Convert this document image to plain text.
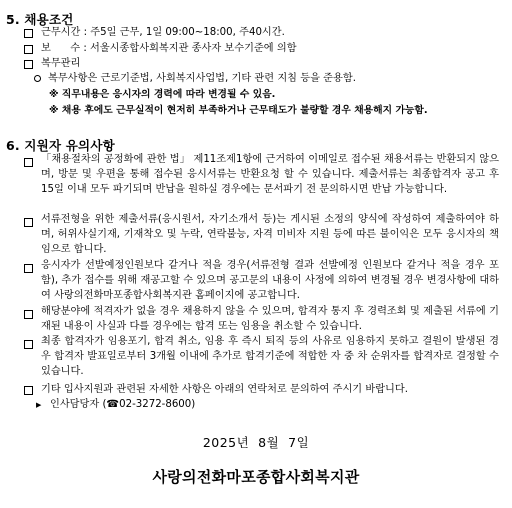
5. 채용조건
근무시간 : 주5일 근무, 1일 09:00~18:00, 주40시간.
보      수 : 서울시종합사회복지관 종사자 보수기준에 의함
복무관리
복무사항은 근로기준법, 사회복지사업법, 기타 관련 지침 등을 준용함.
※ 직무내용은 응시자의 경력에 따라 변경될 수 있음.
※ 채용 후에도 근무실적이 현저히 부족하거나 근무태도가 불량할 경우 채용해지 가능함.
6. 지원자 유의사항
「채용절차의 공정화에 관한 법」 제11조제1항에 근거하여 이메일로 접수된 채용서류는 반환되지 않으며, 방문 및 우편을 통해 접수된 응시서류는 반환요청 할 수 있습니다. 제출서류는 최종합격자 공고 후 15일 이내 모두 파기되며 반납을 원하실 경우에는 문서파기 전 문의하시면 반납 가능합니다.
서류전형을 위한 제출서류(응시원서, 자기소개서 등)는 게시된 소정의 양식에 작성하여 제출하여야 하며, 허위사실기재, 기재착오 및 누락, 연락불능, 자격 미비자 지원 등에 따른 불이익은 모두 응시자의 책임으로 합니다.
응시자가 선발예정인원보다 같거나 적을 경우(서류전형 결과 선발예정 인원보다 같거나 적을 경우 포함), 추가 접수를 위해 재공고할 수 있으며 공고문의 내용이 사정에 의하여 변경될 경우 변경사항에 대하여 사랑의전화마포종합사회복지관 홈페이지에 공고합니다.
해당분야에 적격자가 없을 경우 채용하지 않을 수 있으며, 합격자 통지 후 경력조회 및 제출된 서류에 기재된 내용이 사실과 다를 경우에는 합격 또는 임용을 취소할 수 있습니다.
최종 합격자가 임용포기, 합격 취소, 임용 후 즉시 퇴직 등의 사유로 임용하지 못하고 결원이 발생된 경우 합격자 발표일로부터 3개월 이내에 추가로 합격기준에 적합한 자 중 차 순위자를 합격자로 결정할 수 있습니다.
기타 입사지원과 관련된 자세한 사항은 아래의 연락처로 문의하여 주시기 바랍니다.
▶ 인사담당자 (☎02-3272-8600)
2025년  8월  7일
사랑의전화마포종합사회복지관
